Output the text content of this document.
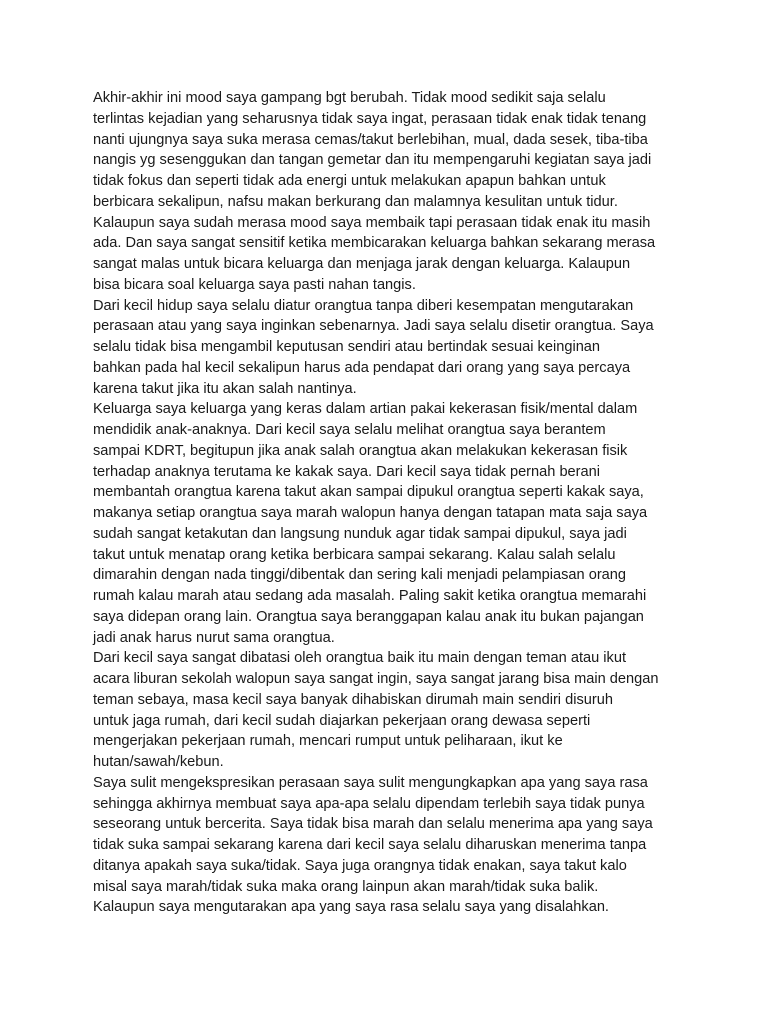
Akhir-akhir ini mood saya gampang bgt berubah. Tidak mood sedikit saja selalu
terlintas kejadian yang seharusnya tidak saya ingat, perasaan tidak enak tidak tenang
nanti ujungnya saya suka merasa cemas/takut berlebihan, mual, dada sesek, tiba-tiba
nangis yg sesenggukan dan tangan gemetar dan itu mempengaruhi kegiatan saya jadi
tidak fokus dan seperti tidak ada energi untuk melakukan apapun bahkan untuk
berbicara sekalipun, nafsu makan berkurang dan malamnya kesulitan untuk tidur.
Kalaupun saya sudah merasa mood saya membaik tapi perasaan tidak enak itu masih
ada. Dan saya sangat sensitif ketika membicarakan keluarga bahkan sekarang merasa
sangat malas untuk bicara keluarga dan menjaga jarak dengan keluarga. Kalaupun
bisa bicara soal keluarga saya pasti nahan tangis.
Dari kecil hidup saya selalu diatur orangtua tanpa diberi kesempatan mengutarakan
perasaan atau yang saya inginkan sebenarnya. Jadi saya selalu disetir orangtua. Saya
selalu tidak bisa mengambil keputusan sendiri atau bertindak sesuai keinginan
bahkan pada hal kecil sekalipun harus ada pendapat dari orang yang saya percaya
karena takut jika itu akan salah nantinya.
Keluarga saya keluarga yang keras dalam artian pakai kekerasan fisik/mental dalam
mendidik anak-anaknya. Dari kecil saya selalu melihat orangtua saya berantem
sampai KDRT, begitupun jika anak salah orangtua akan melakukan kekerasan fisik
terhadap anaknya terutama ke kakak saya. Dari kecil saya tidak pernah berani
membantah orangtua karena takut akan sampai dipukul orangtua seperti kakak saya,
makanya setiap orangtua saya marah walopun hanya dengan tatapan mata saja saya
sudah sangat ketakutan dan langsung nunduk agar tidak sampai dipukul, saya jadi
takut untuk menatap orang ketika berbicara sampai sekarang. Kalau salah selalu
dimarahin dengan nada tinggi/dibentak dan sering kali menjadi pelampiasan orang
rumah kalau marah atau sedang ada masalah. Paling sakit ketika orangtua memarahi
saya didepan orang lain. Orangtua saya beranggapan kalau anak itu bukan pajangan
jadi anak harus nurut sama orangtua.
Dari kecil saya sangat dibatasi oleh orangtua baik itu main dengan teman atau ikut
acara liburan sekolah walopun saya sangat ingin, saya sangat jarang bisa main dengan
teman sebaya, masa kecil saya banyak dihabiskan dirumah main sendiri disuruh
untuk jaga rumah, dari kecil sudah diajarkan pekerjaan orang dewasa seperti
mengerjakan pekerjaan rumah, mencari rumput untuk peliharaan, ikut ke
hutan/sawah/kebun.
Saya sulit mengekspresikan perasaan saya sulit mengungkapkan apa yang saya rasa
sehingga akhirnya membuat saya apa-apa selalu dipendam terlebih saya tidak punya
seseorang untuk bercerita. Saya tidak bisa marah dan selalu menerima apa yang saya
tidak suka sampai sekarang karena dari kecil saya selalu diharuskan menerima tanpa
ditanya apakah saya suka/tidak. Saya juga orangnya tidak enakan, saya takut kalo
misal saya marah/tidak suka maka orang lainpun akan marah/tidak suka balik.
Kalaupun saya mengutarakan apa yang saya rasa selalu saya yang disalahkan.
